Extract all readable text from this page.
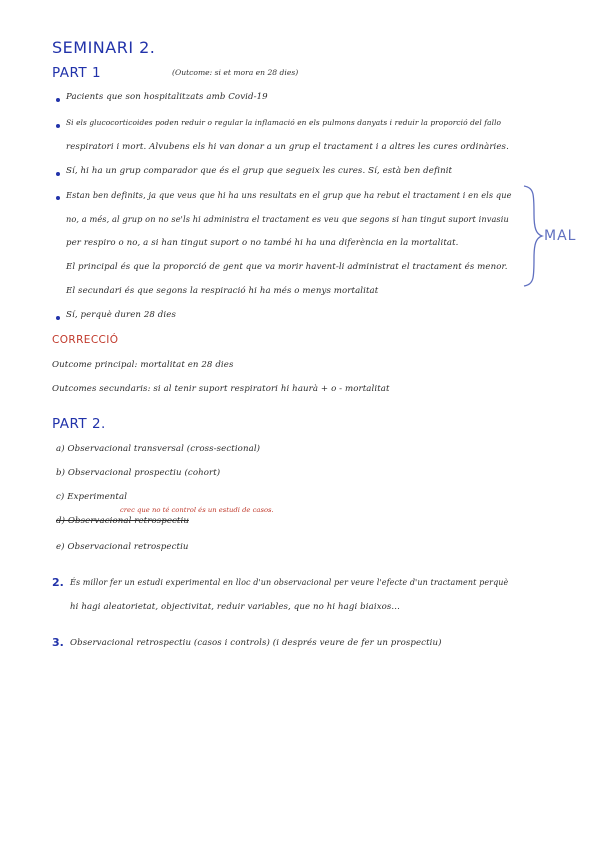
SEMINARI 2.
PART 1	(Outcome: si et mora en 28 dies)
Pacients que son hospitalitzats amb Covid-19
Si els glucocorticoides poden reduir o regular la inflamació en els pulmons danyats i reduir la proporció del fallo
respiratori i mort. Alvubens els hi van donar a un grup el tractament i a altres les cures ordinàries.
Sí, hi ha un grup comparador que és el grup que segueix les cures. Sí, està ben definit
Estan ben definits, ja que veus que hi ha uns resultats en el grup que ha rebut el tractament i en els que
no, a més, al grup on no se'ls hi administra el tractament es veu que segons si han tingut suport invasiu
per respiro o no, a si han tingut suport o no també hi ha una diferència en la mortalitat.
El principal és que la proporció de gent que va morir havent-li administrat el tractament és menor.
El secundari és que segons la respiració hi ha més o menys mortalitat
MAL
Sí, perquè duren 28 dies
CORRECCIÓ
Outcome principal: mortalitat en 28 dies
Outcomes secundaris: si al tenir suport respiratori hi haurà + o - mortalitat
PART 2.
a) Observacional transversal (cross-sectional)
b) Observacional prospectiu (cohort)
c) Experimental
d) Observacional retrospectiu
crec que no té control és un estudi de casos.
e) Observacional retrospectiu
2. És millor fer un estudi experimental en lloc d'un observacional per veure l'efecte d'un tractament perquè
hi hagi aleatorietat, objectivitat, reduir variables, que no hi hagi biaixos...
3. Observacional retrospectiu (casos i controls) (i després veure de fer un prospectiu)
